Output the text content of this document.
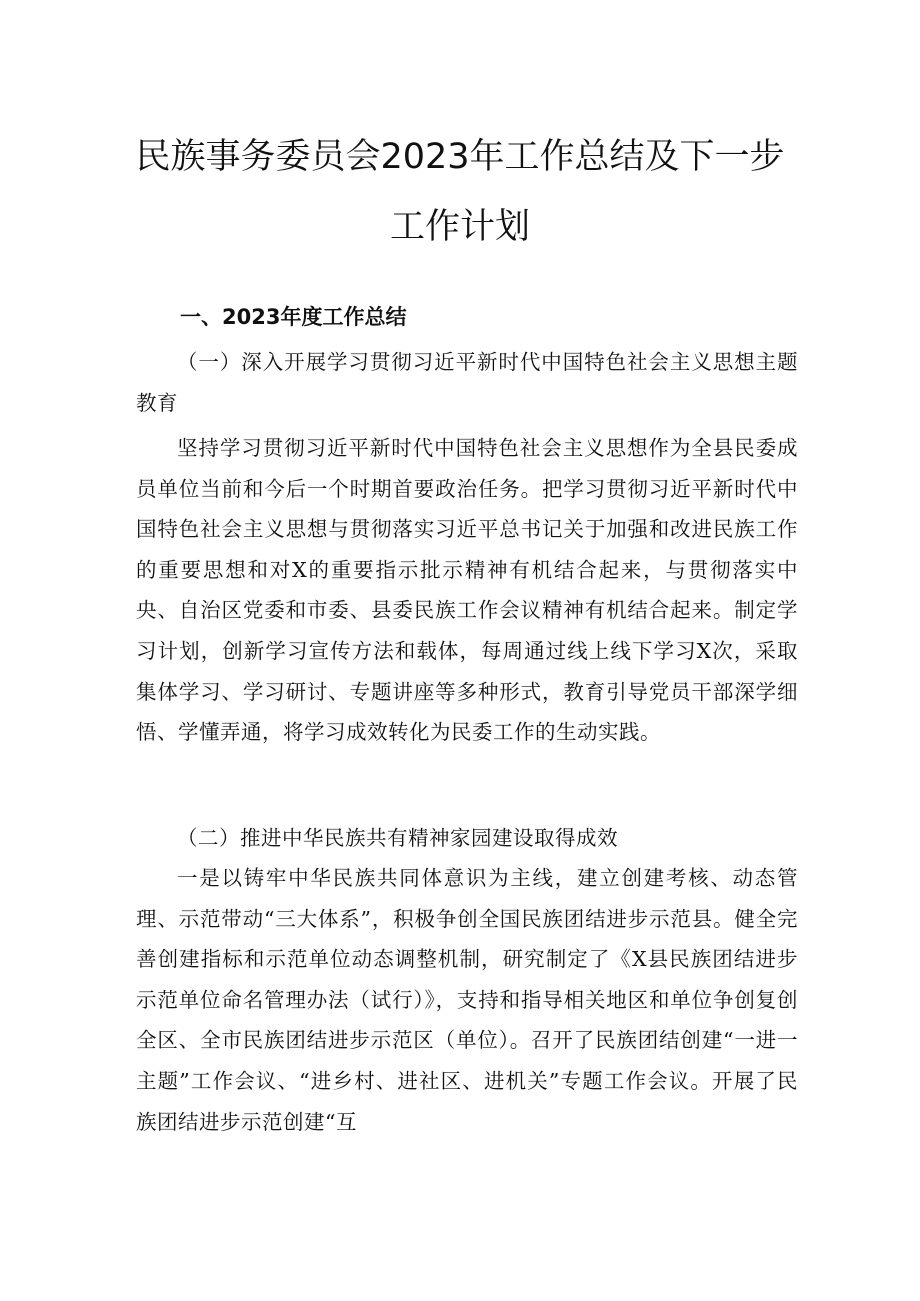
民族事务委员会2023年工作总结及下一步
工作计划
一、2023年度工作总结

（一）深入开展学习贯彻习近平新时代中国特色社会主义思想主题教育

坚持学习贯彻习近平新时代中国特色社会主义思想作为全县民委成员单位当前和今后一个时期首要政治任务。把学习贯彻习近平新时代中国特色社会主义思想与贯彻落实习近平总书记关于加强和改进民族工作的重要思想和对X的重要指示批示精神有机结合起来，与贯彻落实中央、自治区党委和市委、县委民族工作会议精神有机结合起来。制定学习计划，创新学习宣传方法和载体，每周通过线上线下学习X次，采取集体学习、学习研讨、专题讲座等多种形式，教育引导党员干部深学细悟、学懂弄通，将学习成效转化为民委工作的生动实践。

（二）推进中华民族共有精神家园建设取得成效

一是以铸牢中华民族共同体意识为主线，建立创建考核、动态管理、示范带动“三大体系”，积极争创全国民族团结进步示范县。健全完善创建指标和示范单位动态调整机制，研究制定了《X县民族团结进步示范单位命名管理办法（试行）》，支持和指导相关地区和单位争创复创全区、全市民族团结进步示范区（单位）。召开了民族团结创建“一进一主题”工作会议、“进乡村、进社区、进机关”专题工作会议。开展了民族团结进步示范创建“互
